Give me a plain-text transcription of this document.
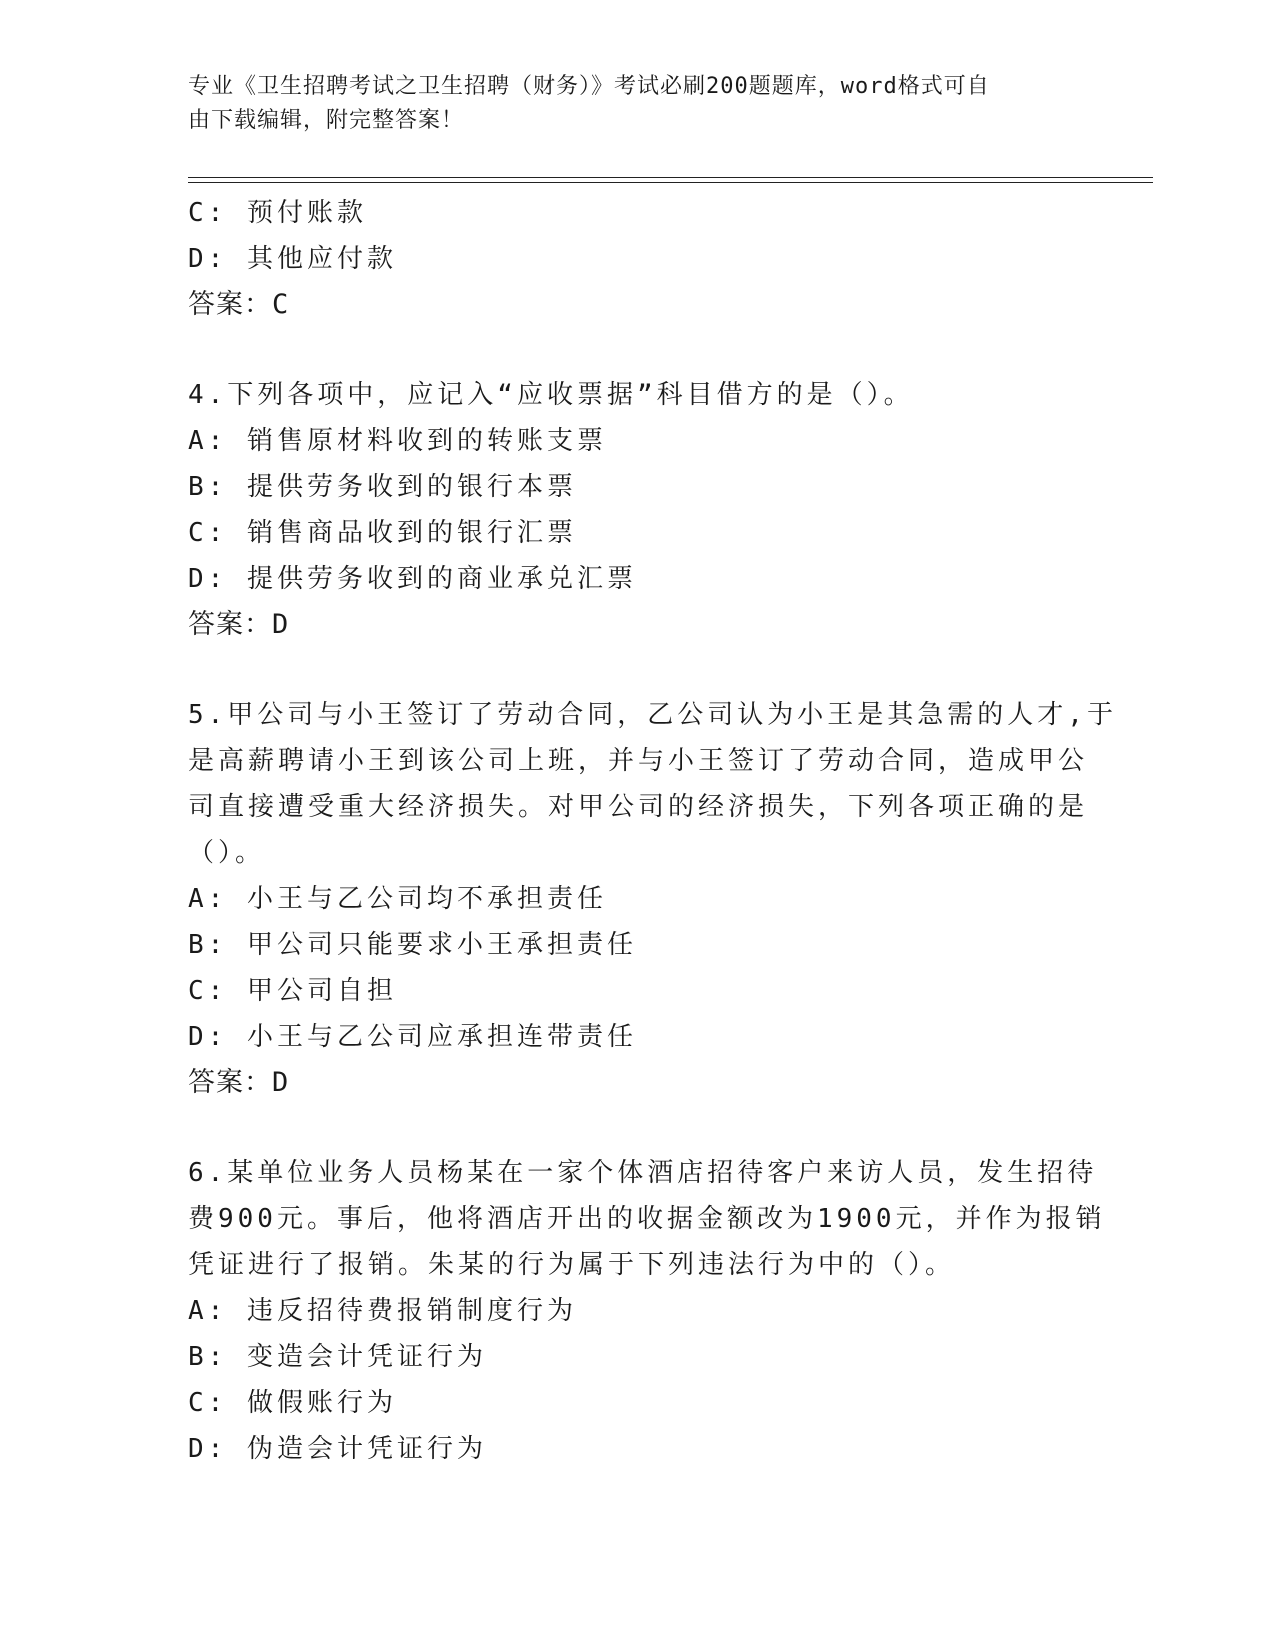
专业《卫生招聘考试之卫生招聘（财务）》考试必刷200题题库，word格式可自
由下载编辑，附完整答案！
C: 预付账款
D: 其他应付款
答案：C
4.下列各项中，应记入“应收票据”科目借方的是（）。
A: 销售原材料收到的转账支票
B: 提供劳务收到的银行本票
C: 销售商品收到的银行汇票
D: 提供劳务收到的商业承兑汇票
答案：D
5.甲公司与小王签订了劳动合同，乙公司认为小王是其急需的人才,于
是高薪聘请小王到该公司上班，并与小王签订了劳动合同，造成甲公
司直接遭受重大经济损失。对甲公司的经济损失，下列各项正确的是
（）。
A: 小王与乙公司均不承担责任
B: 甲公司只能要求小王承担责任
C: 甲公司自担
D: 小王与乙公司应承担连带责任
答案：D
6.某单位业务人员杨某在一家个体酒店招待客户来访人员，发生招待
费900元。事后，他将酒店开出的收据金额改为1900元，并作为报销
凭证进行了报销。朱某的行为属于下列违法行为中的（）。
A: 违反招待费报销制度行为
B: 变造会计凭证行为
C: 做假账行为
D: 伪造会计凭证行为
